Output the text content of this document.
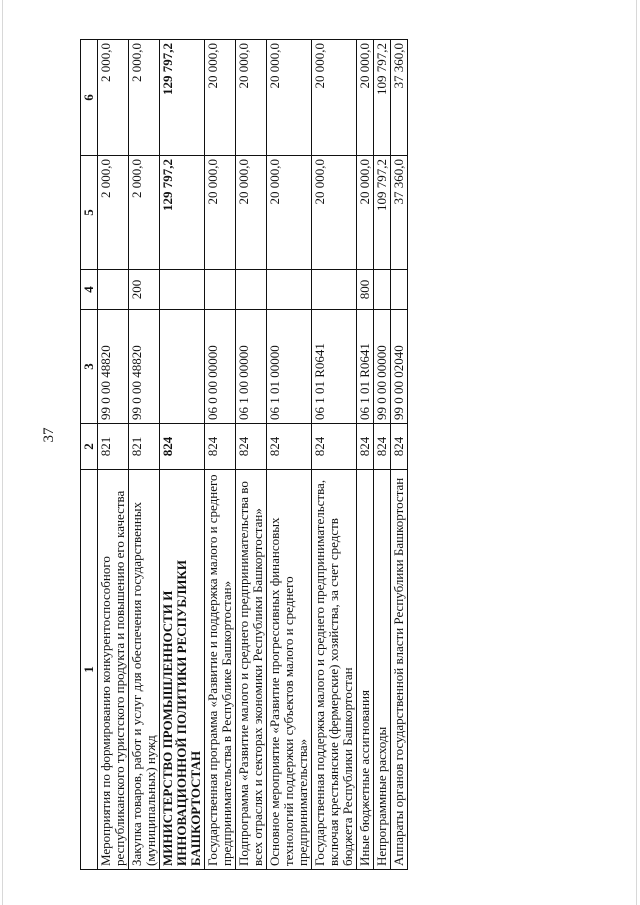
37
1	2	3	4	5	6
Мероприятия по формированию конкурентоспособного республиканского туристского продукта и повышению его качества	821	99 0 00 48820		2 000,0	2 000,0
Закупка товаров, работ и услуг для обеспечения государственных (муниципальных) нужд	821	99 0 00 48820	200	2 000,0	2 000,0
МИНИСТЕРСТВО ПРОМЫШЛЕННОСТИ И ИННОВАЦИОННОЙ ПОЛИТИКИ РЕСПУБЛИКИ БАШКОРТОСТАН	824			129 797,2	129 797,2
Государственная программа «Развитие и поддержка малого и среднего предпринимательства в Республике Башкортостан»	824	06 0 00 00000		20 000,0	20 000,0
Подпрограмма «Развитие малого и среднего предпринимательства во всех отраслях и секторах экономики Республики Башкортостан»	824	06 1 00 00000		20 000,0	20 000,0
Основное мероприятие «Развитие прогрессивных финансовых технологий поддержки субъектов малого и среднего предпринимательства»	824	06 1 01 00000		20 000,0	20 000,0
Государственная поддержка малого и среднего предпринимательства, включая крестьянские (фермерские) хозяйства, за счет средств бюджета Республики Башкортостан	824	06 1 01 R0641		20 000,0	20 000,0
Иные бюджетные ассигнования	824	06 1 01 R0641	800	20 000,0	20 000,0
Непрограммные расходы	824	99 0 00 00000		109 797,2	109 797,2
Аппараты органов государственной власти Республики Башкортостан	824	99 0 00 02040		37 360,0	37 360,0
